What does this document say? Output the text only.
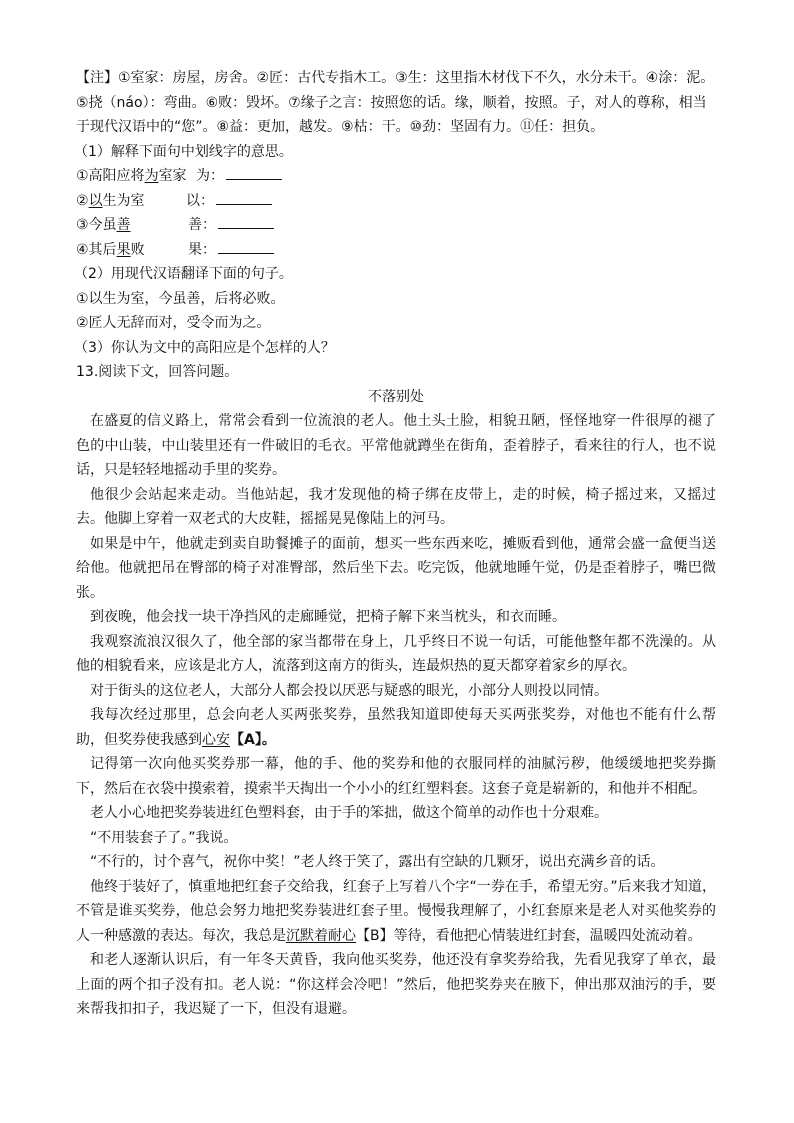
【注】①室家：房屋，房舍。②匠：古代专指木工。③生：这里指木材伐下不久，水分未干。④涂：泥。⑤挠（náo）：弯曲。⑥败：毁坏。⑦缘子之言：按照您的话。缘，顺着，按照。子，对人的尊称，相当于现代汉语中的“您”。⑧益：更加，越发。⑨枯：干。⑩劲：坚固有力。⑪任：担负。

（1）解释下面句中划线字的意思。

①高阳应将为室家 为：
②以生为室	以：
③今虽善	善：
④其后果败	果：

（2）用现代汉语翻译下面的句子。

①以生为室，今虽善，后将必败。

②匠人无辞而对，受令而为之。

（3）你认为文中的高阳应是个怎样的人？

13.阅读下文，回答问题。

不落别处

在盛夏的信义路上，常常会看到一位流浪的老人。他土头土脸，相貌丑陋，怪怪地穿一件很厚的褪了色的中山装，中山装里还有一件破旧的毛衣。平常他就蹲坐在街角，歪着脖子，看来往的行人，也不说话，只是轻轻地摇动手里的奖券。

他很少会站起来走动。当他站起，我才发现他的椅子绑在皮带上，走的时候，椅子摇过来，又摇过去。他脚上穿着一双老式的大皮鞋，摇摇晃晃像陆上的河马。

如果是中午，他就走到卖自助餐摊子的面前，想买一些东西来吃，摊贩看到他，通常会盛一盒便当送给他。他就把吊在臀部的椅子对准臀部，然后坐下去。吃完饭，他就地睡午觉，仍是歪着脖子，嘴巴微张。

到夜晚，他会找一块干净挡风的走廊睡觉，把椅子解下来当枕头，和衣而睡。

我观察流浪汉很久了，他全部的家当都带在身上，几乎终日不说一句话，可能他整年都不洗澡的。从他的相貌看来，应该是北方人，流落到这南方的街头，连最炽热的夏天都穿着家乡的厚衣。

对于街头的这位老人，大部分人都会投以厌恶与疑惑的眼光，小部分人则投以同情。

我每次经过那里，总会向老人买两张奖券，虽然我知道即使每天买两张奖券，对他也不能有什么帮助，但奖券使我感到心安【A】。

记得第一次向他买奖券那一幕，他的手、他的奖券和他的衣服同样的油腻污秽，他缓缓地把奖券撕下，然后在衣袋中摸索着，摸索半天掏出一个小小的红红塑料套。这套子竟是崭新的，和他并不相配。

老人小心地把奖券装进红色塑料套，由于手的笨拙，做这个简单的动作也十分艰难。

“不用装套子了。”我说。

“不行的，讨个喜气，祝你中奖！”老人终于笑了，露出有空缺的几颗牙，说出充满乡音的话。

他终于装好了，慎重地把红套子交给我，红套子上写着八个字“一券在手，希望无穷。”后来我才知道，不管是谁买奖券，他总会努力地把奖券装进红套子里。慢慢我理解了，小红套原来是老人对买他奖券的人一种感激的表达。每次，我总是沉默着耐心【B】等待，看他把心情装进红封套，温暖四处流动着。

和老人逐渐认识后，有一年冬天黄昏，我向他买奖券，他还没有拿奖券给我，先看见我穿了单衣，最上面的两个扣子没有扣。老人说：“你这样会冷吧！”然后，他把奖券夹在腋下，伸出那双油污的手，要来帮我扣扣子，我迟疑了一下，但没有退避。
